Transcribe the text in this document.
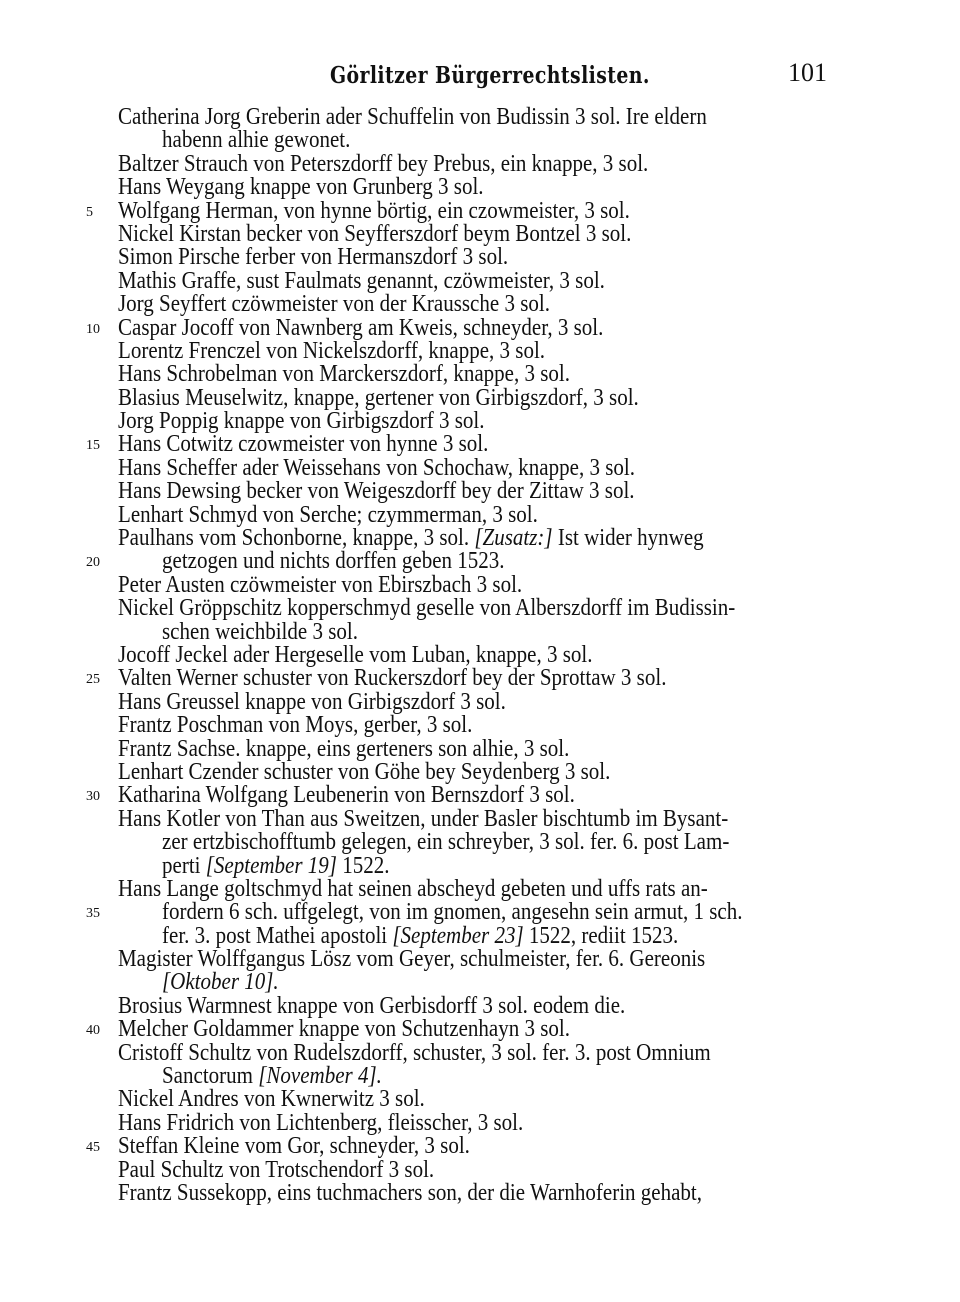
Görlitzer Bürgerrechtslisten.	101
Catherina Jorg Greberin ader Schuffelin von Budissin 3 sol. Ire eldern
habenn alhie gewonet.
Baltzer Strauch von Peterszdorff bey Prebus, ein knappe, 3 sol.
Hans Weygang knappe von Grunberg 3 sol.
5	Wolfgang Herman, von hynne börtig, ein czowmeister, 3 sol.
Nickel Kirstan becker von Seyfferszdorf beym Bontzel 3 sol.
Simon Pirsche ferber von Hermanszdorf 3 sol.
Mathis Graffe, sust Faulmats genannt, czöwmeister, 3 sol.
Jorg Seyffert czöwmeister von der Kraussche 3 sol.
10 Caspar Jocoff von Nawnberg am Kweis, schneyder, 3 sol.
Lorentz Frenczel von Nickelszdorff, knappe, 3 sol.
Hans Schrobelman von Marckerszdorf, knappe, 3 sol.
Blasius Meuselwitz, knappe, gertener von Girbigszdorf, 3 sol.
Jorg Poppig knappe von Girbigszdorf 3 sol.
15 Hans Cotwitz czowmeister von hynne 3 sol.
Hans Scheffer ader Weissehans von Schochaw, knappe, 3 sol.
Hans Dewsing becker von Weigeszdorff bey der Zittaw 3 sol.
Lenhart Schmyd von Serche; czymmerman, 3 sol.
Paulhans vom Schonborne, knappe, 3 sol. [Zusatz:] Ist wider hynweg
20	getzogen und nichts dorffen geben 1523.
Peter Austen czöwmeister von Ebirszbach 3 sol.
Nickel Gröppschitz kopperschmyd geselle von Alberszdorff im Budissin-
schen weichbilde 3 sol.
Jocoff Jeckel ader Hergeselle vom Luban, knappe, 3 sol.
25 Valten Werner schuster von Ruckerszdorf bey der Sprottaw 3 sol.
Hans Greussel knappe von Girbigszdorf 3 sol.
Frantz Poschman von Moys, gerber, 3 sol.
Frantz Sachse. knappe, eins gerteners son alhie, 3 sol.
Lenhart Czender schuster von Göhe bey Seydenberg 3 sol.
30 Katharina Wolfgang Leubenerin von Bernszdorf 3 sol.
Hans Kotler von Than aus Sweitzen, under Basler bischtumb im Bysant-
zer ertzbischofftumb gelegen, ein schreyber, 3 sol. fer. 6. post Lam-
perti [September 19] 1522.
Hans Lange goltschmyd hat seinen abscheyd gebeten und uffs rats an-
35	fordern 6 sch. uffgelegt, von im gnomen, angesehn sein armut, 1 sch.
fer. 3. post Mathei apostoli [September 23] 1522, rediit 1523.
Magister Wolffgangus Lösz vom Geyer, schulmeister, fer. 6. Gereonis
[Oktober 10].
Brosius Warmnest knappe von Gerbisdorff 3 sol. eodem die.
40 Melcher Goldammer knappe von Schutzenhayn 3 sol.
Cristoff Schultz von Rudelszdorff, schuster, 3 sol. fer. 3. post Omnium
Sanctorum [November 4].
Nickel Andres von Kwnerwitz 3 sol.
Hans Fridrich von Lichtenberg, fleisscher, 3 sol.
45 Steffan Kleine vom Gor, schneyder, 3 sol.
Paul Schultz von Trotschendorf 3 sol.
Frantz Sussekopp, eins tuchmachers son, der die Warnhoferin gehabt,
